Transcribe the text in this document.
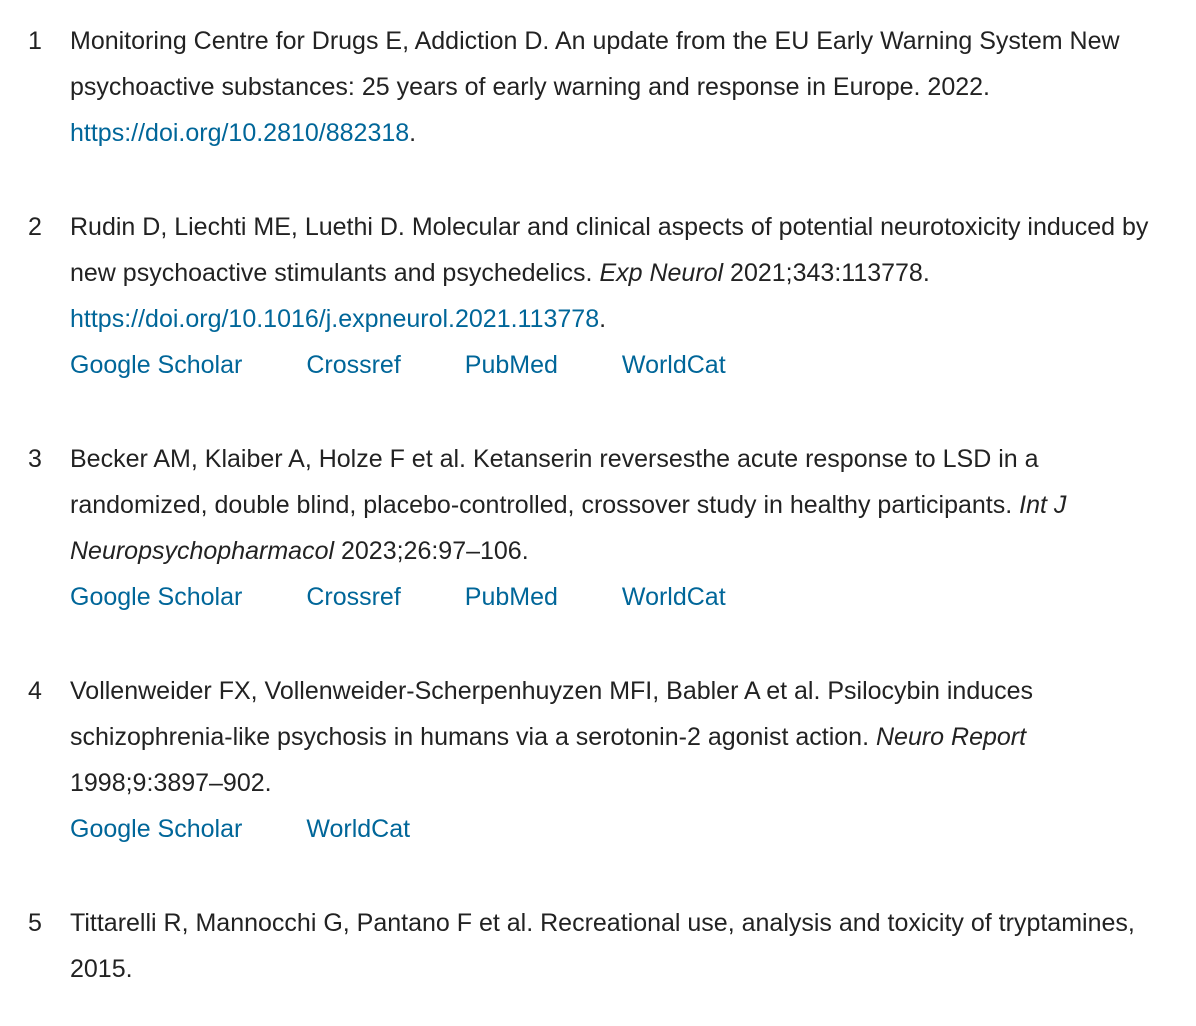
1 Monitoring Centre for Drugs E, Addiction D. An update from the EU Early Warning System New psychoactive substances: 25 years of early warning and response in Europe. 2022. https://doi.org/10.2810/882318.
2 Rudin D, Liechti ME, Luethi D. Molecular and clinical aspects of potential neurotoxicity induced by new psychoactive stimulants and psychedelics. Exp Neurol 2021;343:113778. https://doi.org/10.1016/j.expneurol.2021.113778.
Google Scholar	Crossref	PubMed	WorldCat
3 Becker AM, Klaiber A, Holze F et al. Ketanserin reversesthe acute response to LSD in a randomized, double blind, placebo-controlled, crossover study in healthy participants. Int J Neuropsychopharmacol 2023;26:97–106.
Google Scholar	Crossref	PubMed	WorldCat
4 Vollenweider FX, Vollenweider-Scherpenhuyzen MFI, Babler A et al. Psilocybin induces schizophrenia-like psychosis in humans via a serotonin-2 agonist action. Neuro Report 1998;9:3897–902.
Google Scholar	WorldCat
5 Tittarelli R, Mannocchi G, Pantano F et al. Recreational use, analysis and toxicity of tryptamines, 2015.
